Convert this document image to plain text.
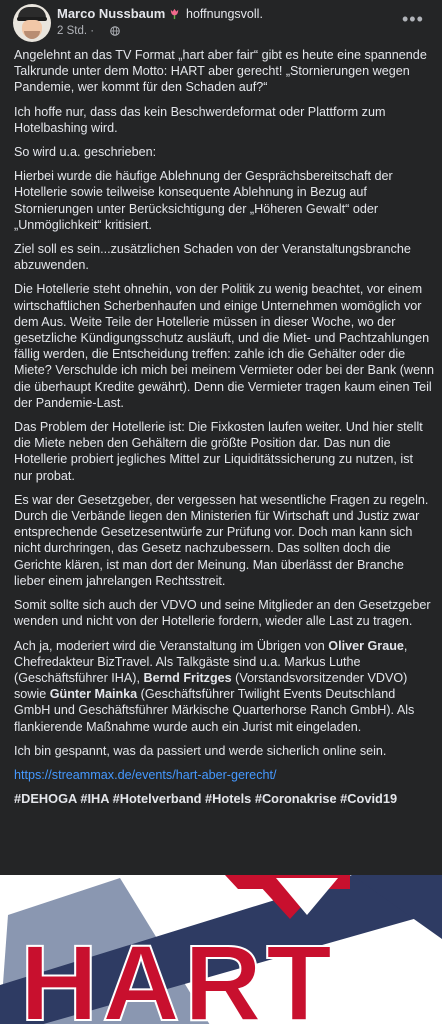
Marco Nussbaum hoffnungsvoll.
2 Std. ·
•••

Angelehnt an das TV Format „hart aber fair“ gibt es heute eine spannende Talkrunde unter dem Motto: HART aber gerecht! „Stornierungen wegen Pandemie, wer kommt für den Schaden auf?“

Ich hoffe nur, dass das kein Beschwerdeformat oder Plattform zum Hotelbashing wird.

So wird u.a. geschrieben:

Hierbei wurde die häufige Ablehnung der Gesprächsbereitschaft der Hotellerie sowie teilweise konsequente Ablehnung in Bezug auf Stornierungen unter Berücksichtigung der „Höheren Gewalt“ oder „Unmöglichkeit“ kritisiert.

Ziel soll es sein...zusätzlichen Schaden von der Veranstaltungsbranche abzuwenden.

Die Hotellerie steht ohnehin, von der Politik zu wenig beachtet, vor einem wirtschaftlichen Scherbenhaufen und einige Unternehmen womöglich vor dem Aus. Weite Teile der Hotellerie müssen in dieser Woche, wo der gesetzliche Kündigungsschutz ausläuft, und die Miet- und Pachtzahlungen fällig werden, die Entscheidung treffen: zahle ich die Gehälter oder die Miete? Verschulde ich mich bei meinem Vermieter oder bei der Bank (wenn die überhaupt Kredite gewährt). Denn die Vermieter tragen kaum einen Teil der Pandemie-Last.

Das Problem der Hotellerie ist: Die Fixkosten laufen weiter. Und hier stellt die Miete neben den Gehältern die größte Position dar. Das nun die Hotellerie probiert jegliches Mittel zur Liquiditätssicherung zu nutzen, ist nur probat.

Es war der Gesetzgeber, der vergessen hat wesentliche Fragen zu regeln. Durch die Verbände liegen den Ministerien für Wirtschaft und Justiz zwar entsprechende Gesetzesentwürfe zur Prüfung vor. Doch man kann sich nicht durchringen, das Gesetz nachzubessern. Das sollten doch die Gerichte klären, ist man dort der Meinung. Man überlässt der Branche lieber einem jahrelangen Rechtsstreit.

Somit sollte sich auch der VDVO und seine Mitglieder an den Gesetzgeber wenden und nicht von der Hotellerie fordern, wieder alle Last zu tragen.

Ach ja, moderiert wird die Veranstaltung im Übrigen von Oliver Graue, Chefredakteur BizTravel. Als Talkgäste sind u.a. Markus Luthe (Geschäftsführer IHA), Bernd Fritzges (Vorstandsvorsitzender VDVO) sowie Günter Mainka (Geschäftsführer Twilight Events Deutschland GmbH und Geschäftsführer Märkische Quarterhorse Ranch GmbH). Als flankierende Maßnahme wurde auch ein Jurist mit eingeladen.

Ich bin gespannt, was da passiert und werde sicherlich online sein.

https://streammax.de/events/hart-aber-gerecht/

#DEHOGA #IHA #Hotelverband #Hotels #Coronakrise #Covid19

HART
